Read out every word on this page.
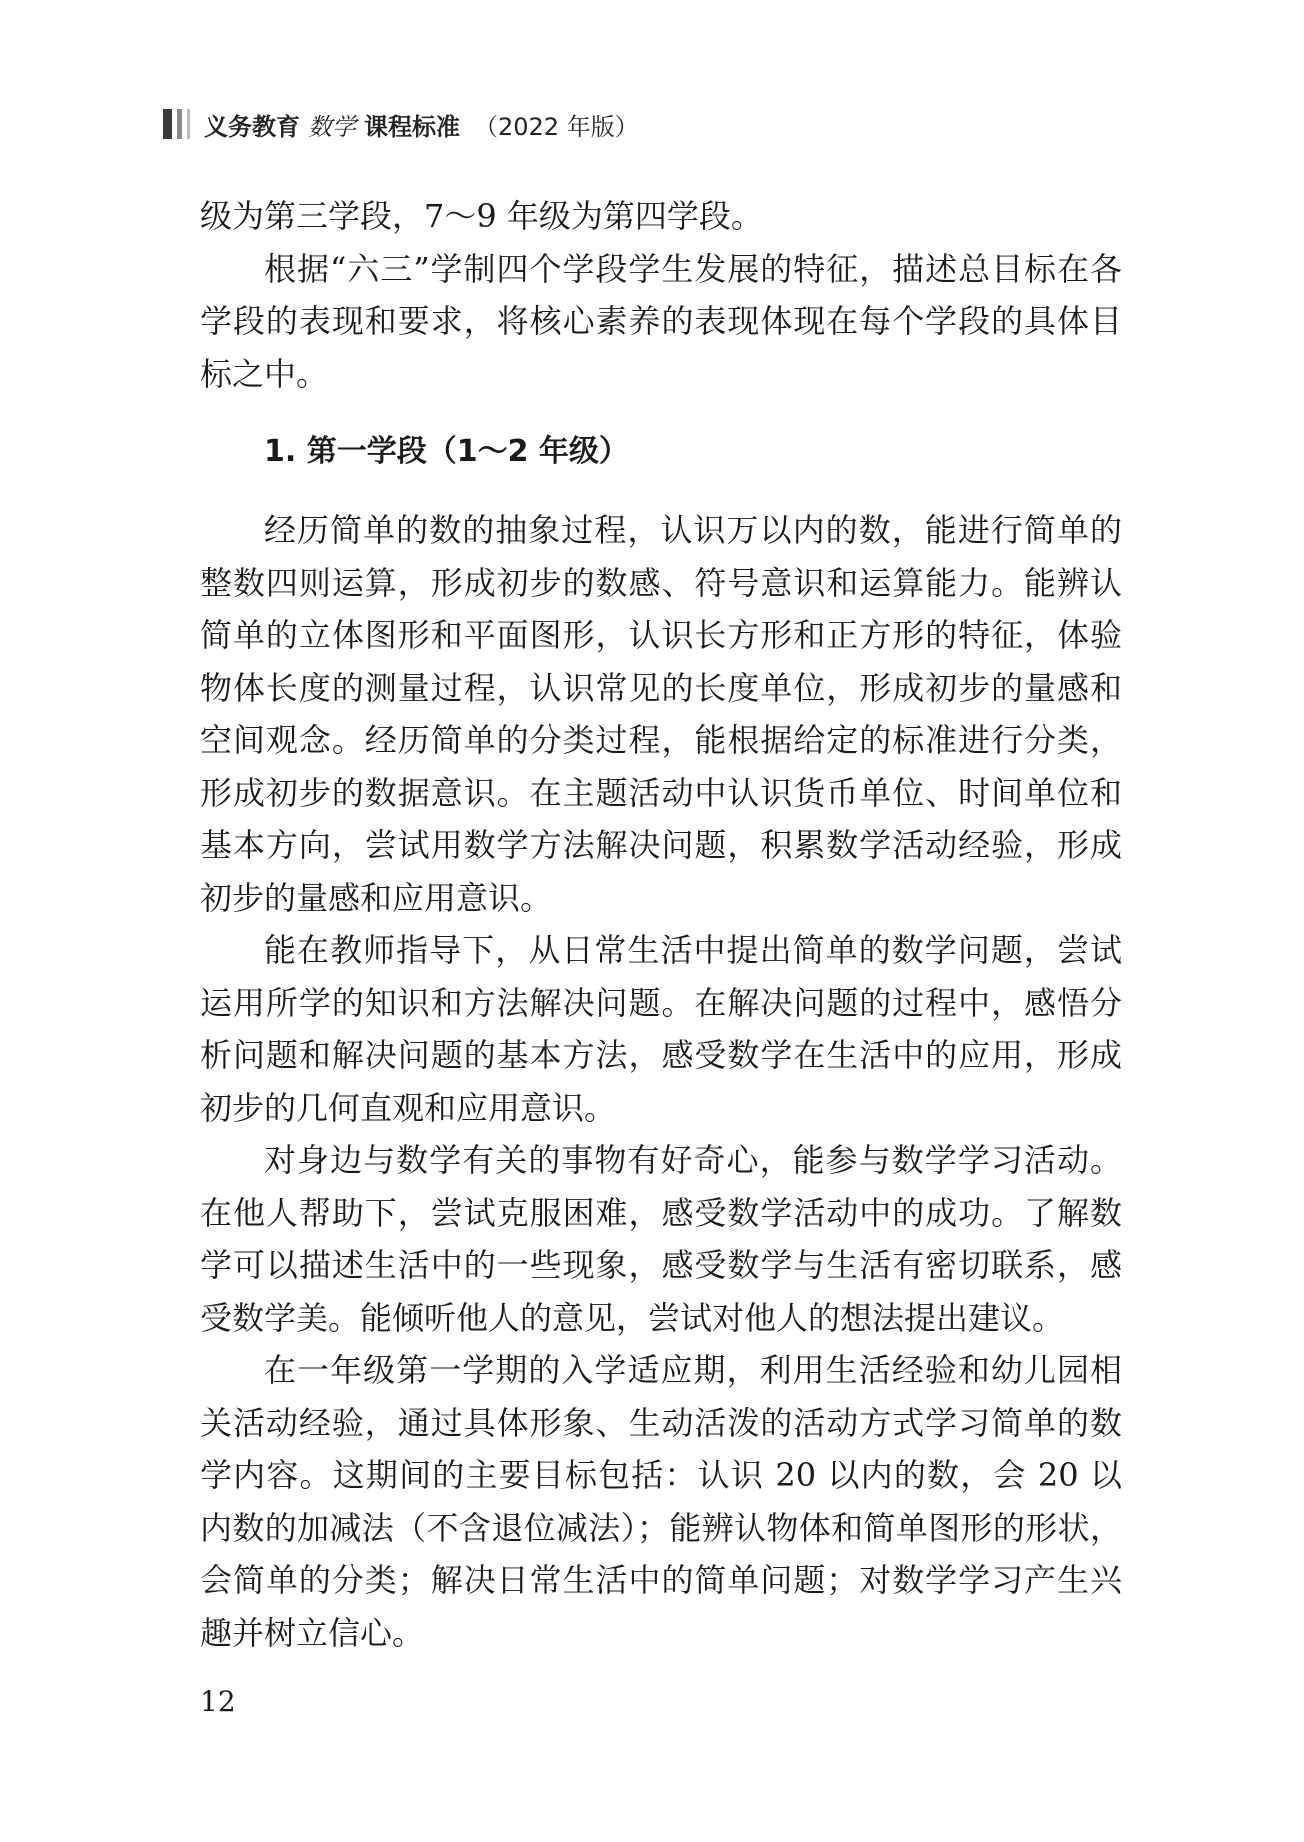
义务教育 数学 课程标准 （2022 年版）

级为第三学段，7～9 年级为第四学段。

根据“六三”学制四个学段学生发展的特征，描述总目标在各学段的表现和要求，将核心素养的表现体现在每个学段的具体目标之中。

1. 第一学段（1～2 年级）

经历简单的数的抽象过程，认识万以内的数，能进行简单的整数四则运算，形成初步的数感、符号意识和运算能力。能辨认简单的立体图形和平面图形，认识长方形和正方形的特征，体验物体长度的测量过程，认识常见的长度单位，形成初步的量感和空间观念。经历简单的分类过程，能根据给定的标准进行分类，形成初步的数据意识。在主题活动中认识货币单位、时间单位和基本方向，尝试用数学方法解决问题，积累数学活动经验，形成初步的量感和应用意识。

能在教师指导下，从日常生活中提出简单的数学问题，尝试运用所学的知识和方法解决问题。在解决问题的过程中，感悟分析问题和解决问题的基本方法，感受数学在生活中的应用，形成初步的几何直观和应用意识。

对身边与数学有关的事物有好奇心，能参与数学学习活动。在他人帮助下，尝试克服困难，感受数学活动中的成功。了解数学可以描述生活中的一些现象，感受数学与生活有密切联系，感受数学美。能倾听他人的意见，尝试对他人的想法提出建议。

在一年级第一学期的入学适应期，利用生活经验和幼儿园相关活动经验，通过具体形象、生动活泼的活动方式学习简单的数学内容。这期间的主要目标包括：认识 20 以内的数，会 20 以内数的加减法（不含退位减法）；能辨认物体和简单图形的形状，会简单的分类；解决日常生活中的简单问题；对数学学习产生兴趣并树立信心。

12
